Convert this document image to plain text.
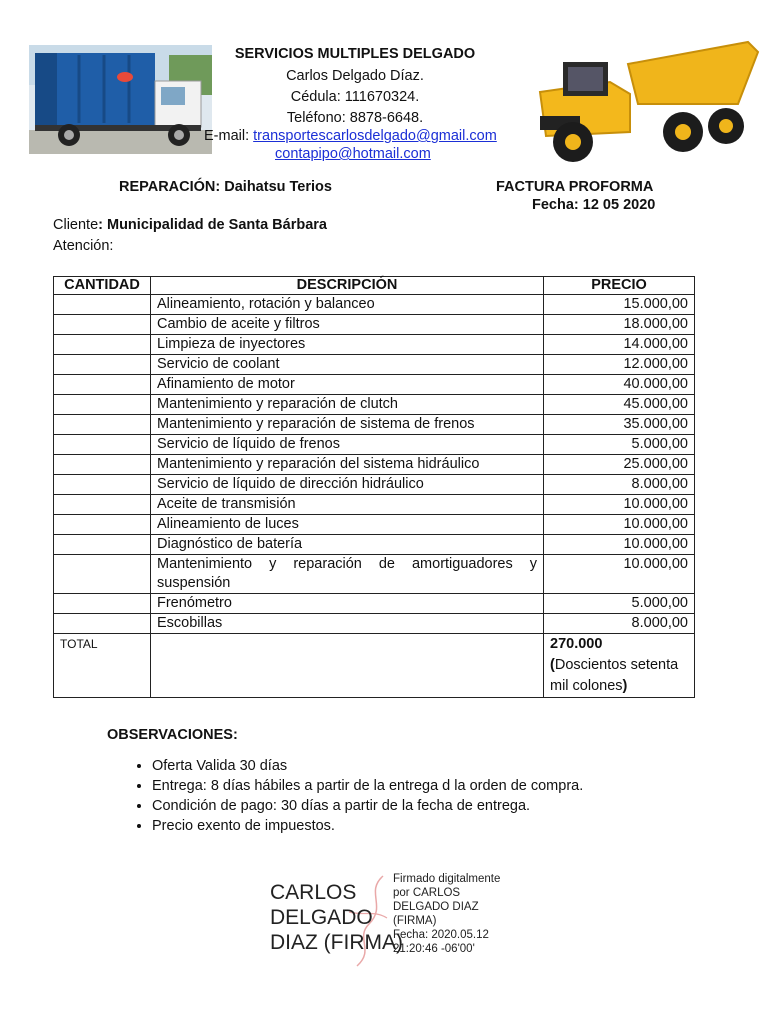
SERVICIOS MULTIPLES DELGADO
Carlos Delgado Díaz.
Cédula: 111670324.
Teléfono: 8878-6648.
E-mail: transportescarlosdelgado@gmail.com
contapipo@hotmail.com
REPARACIÓN: Daihatsu Terios	FACTURA PROFORMA
Fecha: 12 05 2020
Cliente: Municipalidad de Santa Bárbara
Atención:
CANTIDAD	DESCRIPCIÓN	PRECIO
	Alineamiento, rotación y balanceo	15.000,00
	Cambio de aceite y filtros	18.000,00
	Limpieza de inyectores	14.000,00
	Servicio de coolant	12.000,00
	Afinamiento de motor	40.000,00
	Mantenimiento y reparación de clutch	45.000,00
	Mantenimiento y reparación de sistema de frenos	35.000,00
	Servicio de líquido de frenos	5.000,00
	Mantenimiento y reparación del sistema hidráulico	25.000,00
	Servicio de líquido de dirección hidráulico	8.000,00
	Aceite de transmisión	10.000,00
	Alineamiento de luces	10.000,00
	Diagnóstico de batería	10.000,00
	Mantenimiento y reparación de amortiguadores y suspensión	10.000,00
	Frenómetro	5.000,00
	Escobillas	8.000,00
TOTAL		270.000
(Doscientos setenta mil colones)
OBSERVACIONES:
• Oferta Valida 30 días
• Entrega: 8 días hábiles a partir de la entrega d la orden de compra.
• Condición de pago: 30 días a partir de la fecha de entrega.
• Precio exento de impuestos.
CARLOS
DELGADO
DIAZ (FIRMA)
Firmado digitalmente
por CARLOS
DELGADO DIAZ
(FIRMA)
Fecha: 2020.05.12
21:20:46 -06'00'
